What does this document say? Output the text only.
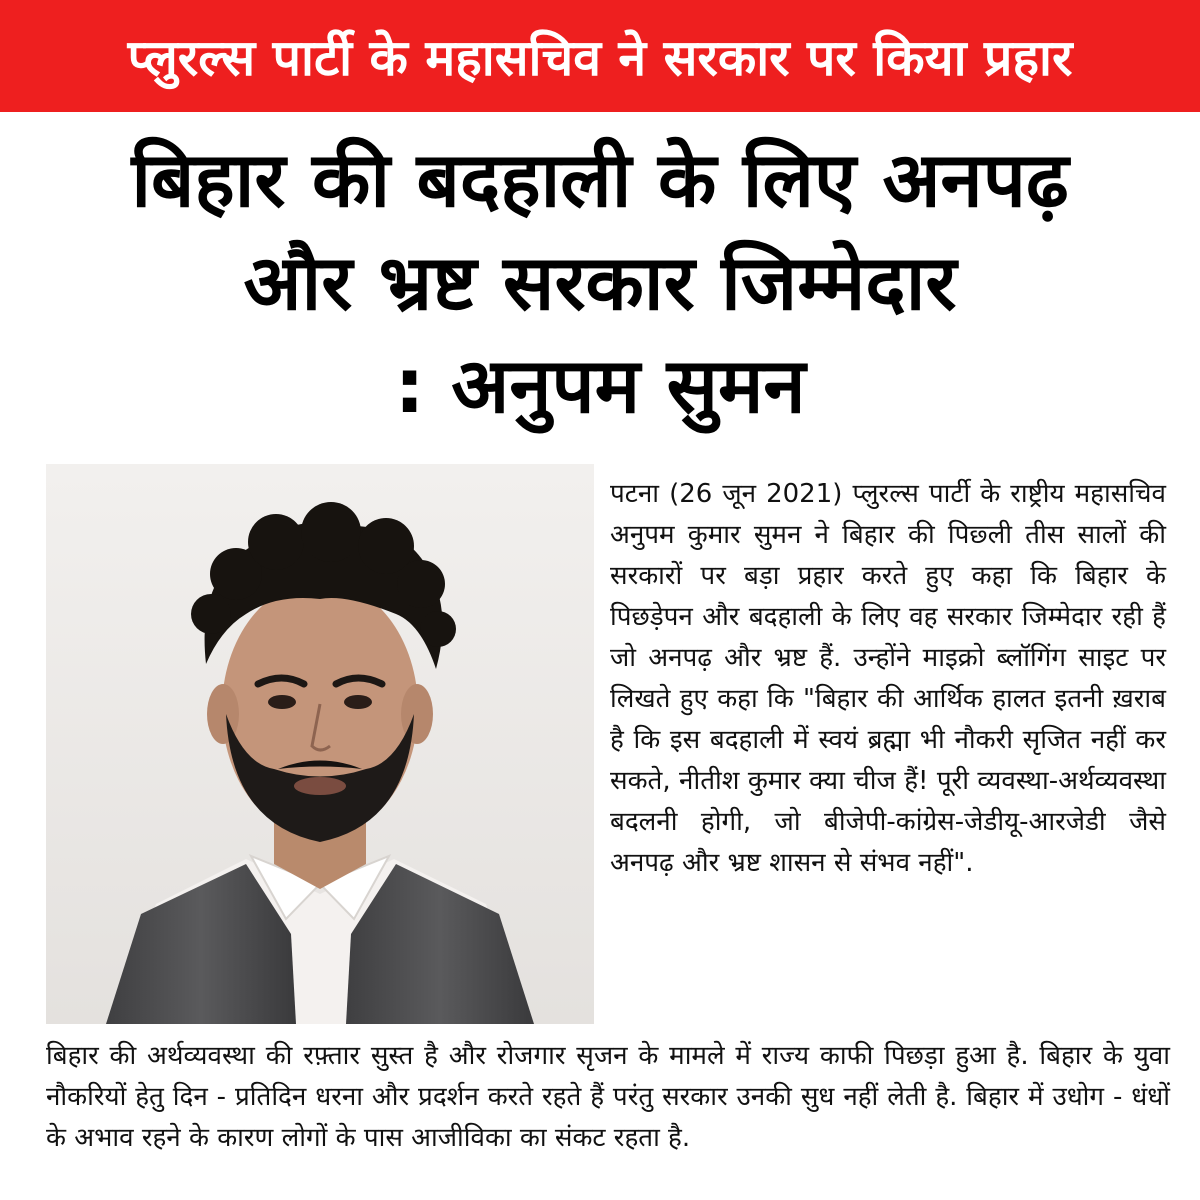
प्लुरल्स पार्टी के महासचिव ने सरकार पर किया प्रहार
बिहार की बदहाली के लिए अनपढ़
और भ्रष्ट सरकार जिम्मेदार
: अनुपम सुमन
पटना (26 जून 2021) प्लुरल्स पार्टी के राष्ट्रीय महासचिव अनुपम कुमार सुमन ने बिहार की पिछ्ली तीस सालों की सरकारों पर बड़ा प्रहार करते हुए कहा कि बिहार के पिछड़ेपन और बदहाली के लिए वह सरकार जिम्मेदार रही हैं जो अनपढ़ और भ्रष्ट हैं. उन्होंने माइक्रो ब्लॉगिंग साइट पर लिखते हुए कहा कि "बिहार की आर्थिक हालत इतनी ख़राब है कि इस बदहाली में स्वयं ब्रह्मा भी नौकरी सृजित नहीं कर सकते, नीतीश कुमार क्या चीज हैं! पूरी व्यवस्था-अर्थव्यवस्था बदलनी होगी, जो बीजेपी-कांग्रेस-जेडीयू-आरजेडी जैसे अनपढ़ और भ्रष्ट शासन से संभव नहीं".
बिहार की अर्थव्यवस्था की रफ़्तार सुस्त है और रोजगार सृजन के मामले में राज्य काफी पिछड़ा हुआ है. बिहार के युवा नौकरियों हेतु दिन - प्रतिदिन धरना और प्रदर्शन करते रहते हैं परंतु सरकार उनकी सुध नहीं लेती है. बिहार में उधोग - धंधों के अभाव रहने के कारण लोगों के पास आजीविका का संकट रहता है.
